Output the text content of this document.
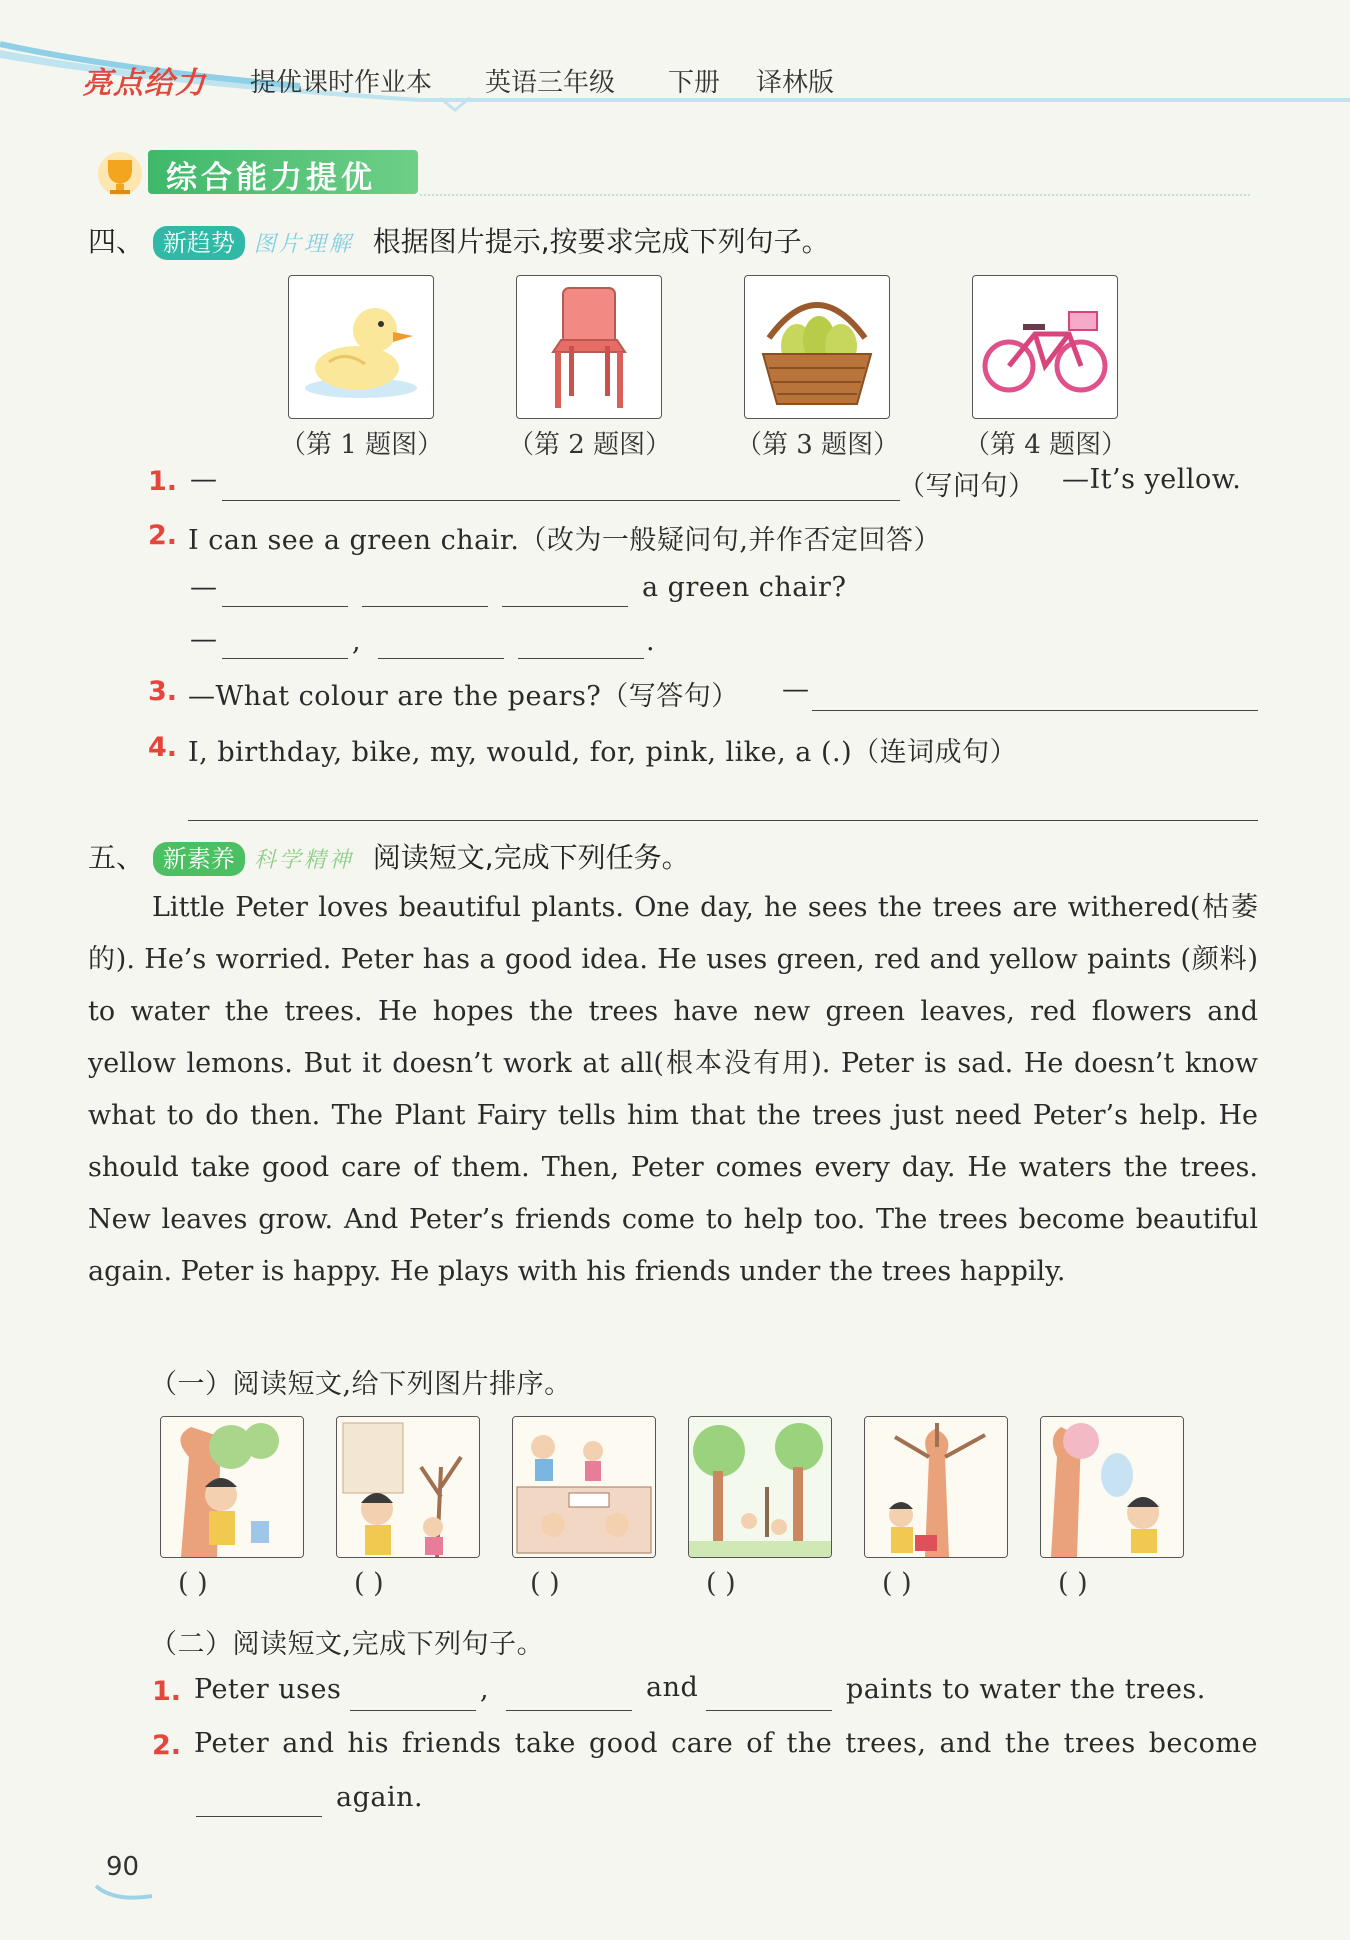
亮点给力 提优课时作业本 英语三年级 下册 译林版
综合能力提优
四、 新趋势 图片理解 根据图片提示,按要求完成下列句子。
（第 1 题图） （第 2 题图） （第 3 题图） （第 4 题图）
1. —	（写问句） —It’s yellow.
2. I can see a green chair.（改为一般疑问句,并作否定回答）
—	a green chair?
—	,	.
3. —What colour are the pears?（写答句） —
4. I, birthday, bike, my, would, for, pink, like, a (.)（连词成句）
五、 新素养 科学精神 阅读短文,完成下列任务。

Little Peter loves beautiful plants. One day, he sees the trees are withered(枯萎的). He’s worried. Peter has a good idea. He uses green, red and yellow paints (颜料) to water the trees. He hopes the trees have new green leaves, red flowers and yellow lemons. But it doesn’t work at all(根本没有用). Peter is sad. He doesn’t know what to do then. The Plant Fairy tells him that the trees just need Peter’s help. He should take good care of them. Then, Peter comes every day. He waters the trees. New leaves grow. And Peter’s friends come to help too. The trees become beautiful again. Peter is happy. He plays with his friends under the trees happily.

（一）阅读短文,给下列图片排序。
( )	( )	( )	( )	( )	( )
（二）阅读短文,完成下列句子。
1. Peter uses	,	and	paints to water the trees.
2. Peter and his friends take good care of the trees, and the trees become
again.
90
